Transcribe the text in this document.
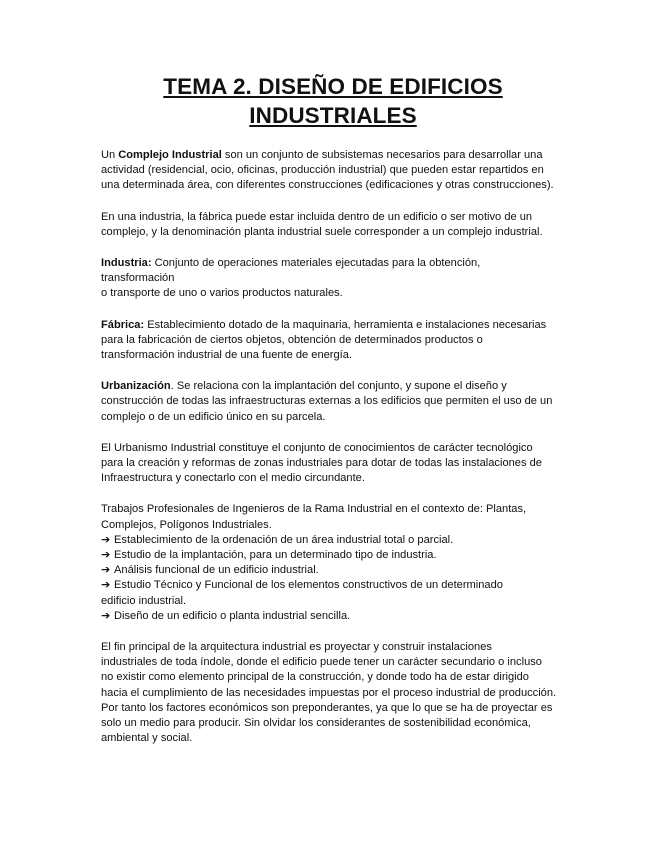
TEMA 2. DISEÑO DE EDIFICIOS
INDUSTRIALES

Un Complejo Industrial son un conjunto de subsistemas necesarios para desarrollar una
actividad (residencial, ocio, oficinas, producción industrial) que pueden estar repartidos en
una determinada área, con diferentes construcciones (edificaciones y otras construcciones).

En una industria, la fábrica puede estar incluida dentro de un edificio o ser motivo de un
complejo, y la denominación planta industrial suele corresponder a un complejo industrial.

Industria: Conjunto de operaciones materiales ejecutadas para la obtención,
transformación
o transporte de uno o varios productos naturales.

Fábrica: Establecimiento dotado de la maquinaria, herramienta e instalaciones necesarias
para la fabricación de ciertos objetos, obtención de determinados productos o
transformación industrial de una fuente de energía.

Urbanización. Se relaciona con la implantación del conjunto, y supone el diseño y
construcción de todas las infraestructuras externas a los edificios que permiten el uso de un
complejo o de un edificio único en su parcela.

El Urbanismo Industrial constituye el conjunto de conocimientos de carácter tecnológico
para la creación y reformas de zonas industriales para dotar de todas las instalaciones de
Infraestructura y conectarlo con el medio circundante.

Trabajos Profesionales de Ingenieros de la Rama Industrial en el contexto de: Plantas,
Complejos, Polígonos Industriales.
➔ Establecimiento de la ordenación de un área industrial total o parcial.
➔ Estudio de la implantación, para un determinado tipo de industria.
➔ Análisis funcional de un edificio industrial.
➔ Estudio Técnico y Funcional de los elementos constructivos de un determinado
edificio industrial.
➔ Diseño de un edificio o planta industrial sencilla.

El fin principal de la arquitectura industrial es proyectar y construir instalaciones
industriales de toda índole, donde el edificio puede tener un carácter secundario o incluso
no existir como elemento principal de la construcción, y donde todo ha de estar dirigido
hacia el cumplimiento de las necesidades impuestas por el proceso industrial de producción.
Por tanto los factores económicos son preponderantes, ya que lo que se ha de proyectar es
solo un medio para producir. Sin olvidar los considerantes de sostenibilidad económica,
ambiental y social.
